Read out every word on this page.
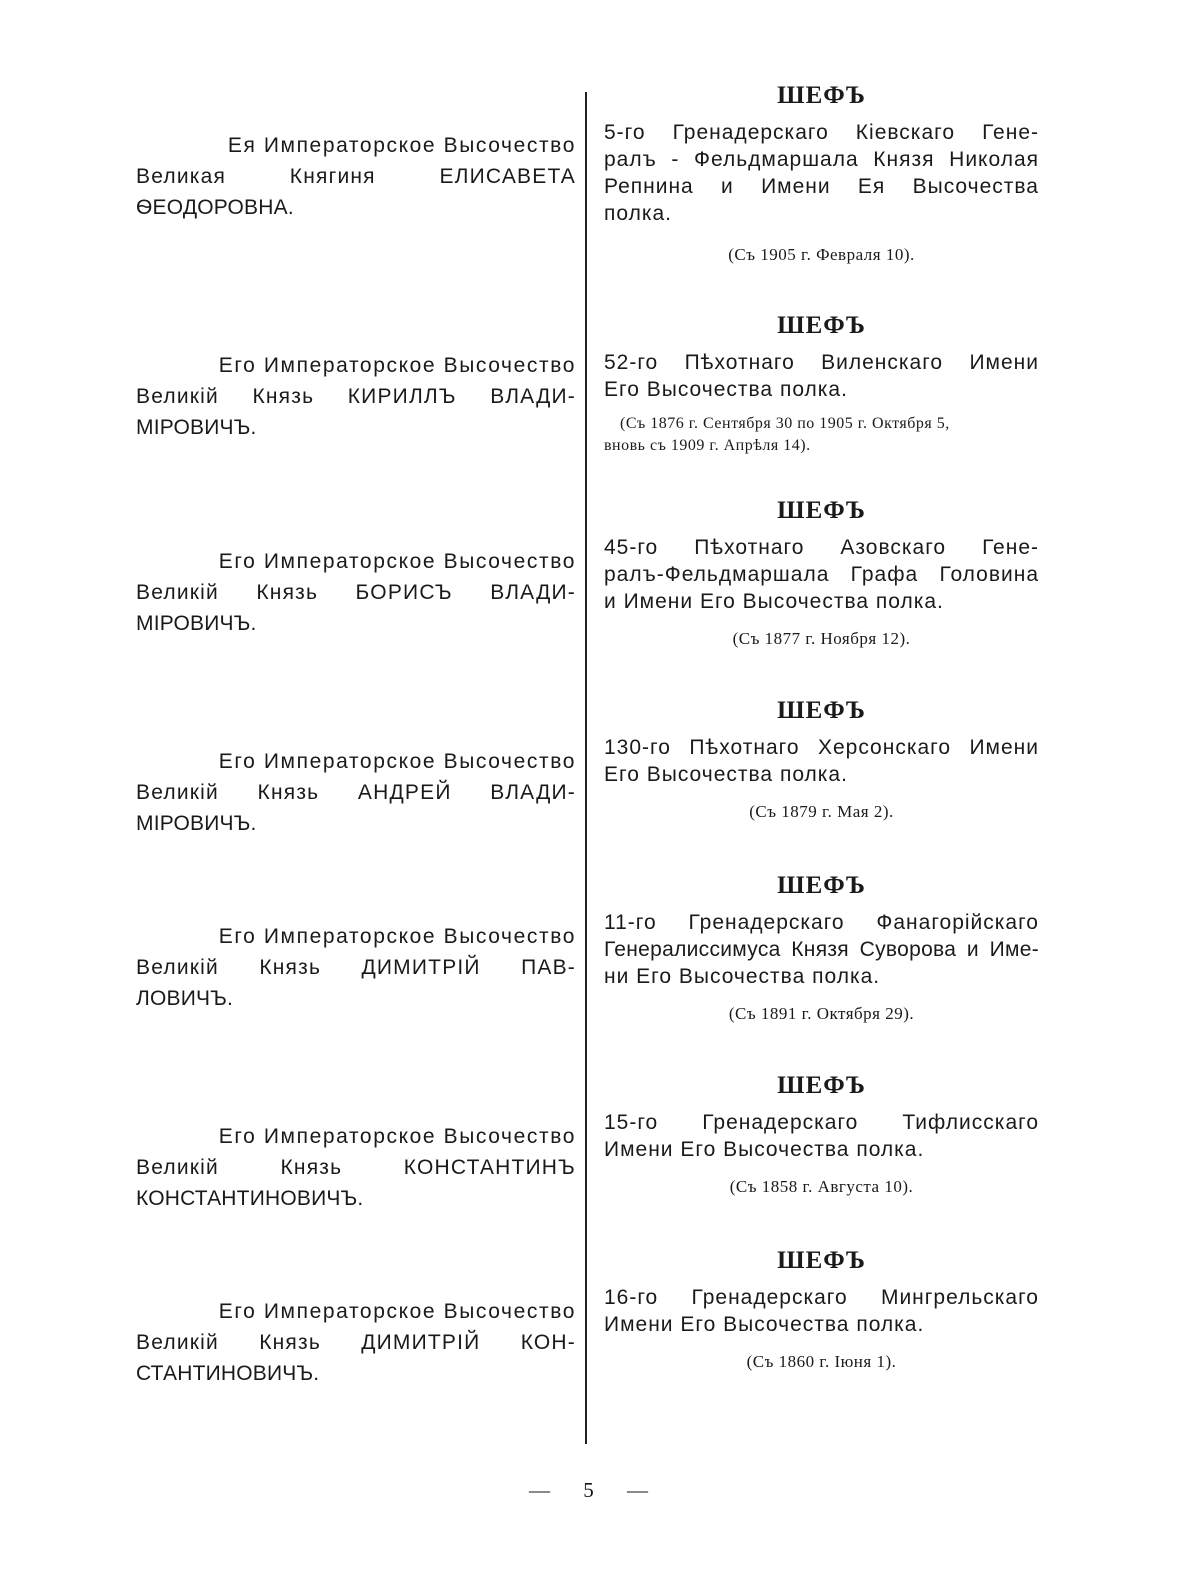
Ея Императорское Высочество
Великая Княгиня ЕЛИСАВЕТА
ѲЕОДОРОВНА.
ШЕФЪ
5-го Гренадерскаго Кіевскаго Гене-
ралъ - Фельдмаршала Князя Николая
Репнина и Имени Ея Высочества
полка.
(Съ 1905 г. Февраля 10).
Его Императорское Высочество
Великій Князь КИРИЛЛЪ ВЛАДИ-
МІРОВИЧЪ.
ШЕФЪ
52-го Пѣхотнаго Виленскаго Имени
Его Высочества полка.
(Съ 1876 г. Сентября 30 по 1905 г. Октября 5,
вновь съ 1909 г. Апрѣля 14).
Его Императорское Высочество
Великій Князь БОРИСЪ ВЛАДИ-
МІРОВИЧЪ.
ШЕФЪ
45-го Пѣхотнаго Азовскаго Гене-
ралъ-Фельдмаршала Графа Головина
и Имени Его Высочества полка.
(Съ 1877 г. Ноября 12).
Его Императорское Высочество
Великій Князь АНДРЕЙ ВЛАДИ-
МІРОВИЧЪ.
ШЕФЪ
130-го Пѣхотнаго Херсонскаго Имени
Его Высочества полка.
(Съ 1879 г. Мая 2).
Его Императорское Высочество
Великій Князь ДИМИТРІЙ ПАВ-
ЛОВИЧЪ.
ШЕФЪ
11-го Гренадерскаго Фанагорійскаго
Генералиссимуса Князя Суворова и Име-
ни Его Высочества полка.
(Съ 1891 г. Октября 29).
Его Императорское Высочество
Великій Князь КОНСТАНТИНЪ
КОНСТАНТИНОВИЧЪ.
ШЕФЪ
15-го Гренадерскаго Тифлисскаго
Имени Его Высочества полка.
(Съ 1858 г. Августа 10).
Его Императорское Высочество
Великій Князь ДИМИТРІЙ КОН-
СТАНТИНОВИЧЪ.
ШЕФЪ
16-го Гренадерскаго Мингрельскаго
Имени Его Высочества полка.
(Съ 1860 г. Іюня 1).
— 5 —
